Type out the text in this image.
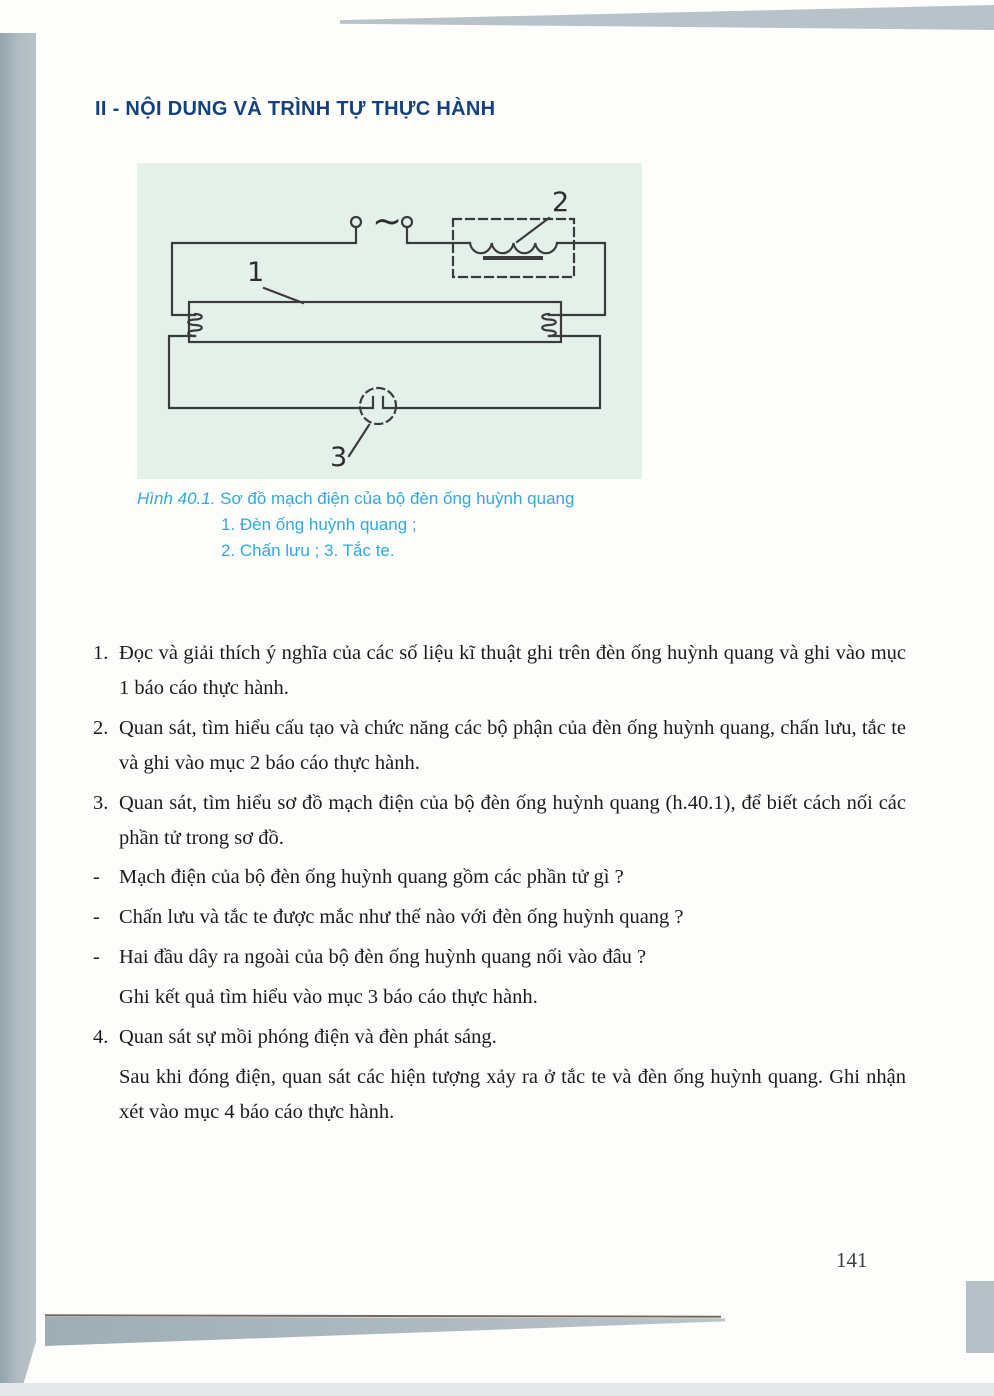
II - NỘI DUNG VÀ TRÌNH TỰ THỰC HÀNH
~
1
2
3
Hình 40.1. Sơ đồ mạch điện của bộ đèn ống huỳnh quang
1. Đèn ống huỳnh quang ;
2. Chấn lưu ; 3. Tắc te.

1. Đọc và giải thích ý nghĩa của các số liệu kĩ thuật ghi trên đèn ống huỳnh quang và ghi vào mục 1 báo cáo thực hành.

2. Quan sát, tìm hiểu cấu tạo và chức năng các bộ phận của đèn ống huỳnh quang, chấn lưu, tắc te và ghi vào mục 2 báo cáo thực hành.

3. Quan sát, tìm hiểu sơ đồ mạch điện của bộ đèn ống huỳnh quang (h.40.1), để biết cách nối các phần tử trong sơ đồ.

- Mạch điện của bộ đèn ống huỳnh quang gồm các phần tử gì ?

- Chấn lưu và tắc te được mắc như thế nào với đèn ống huỳnh quang ?

- Hai đầu dây ra ngoài của bộ đèn ống huỳnh quang nối vào đâu ?

Ghi kết quả tìm hiểu vào mục 3 báo cáo thực hành.

4. Quan sát sự mồi phóng điện và đèn phát sáng.

Sau khi đóng điện, quan sát các hiện tượng xảy ra ở tắc te và đèn ống huỳnh quang. Ghi nhận xét vào mục 4 báo cáo thực hành.

141
